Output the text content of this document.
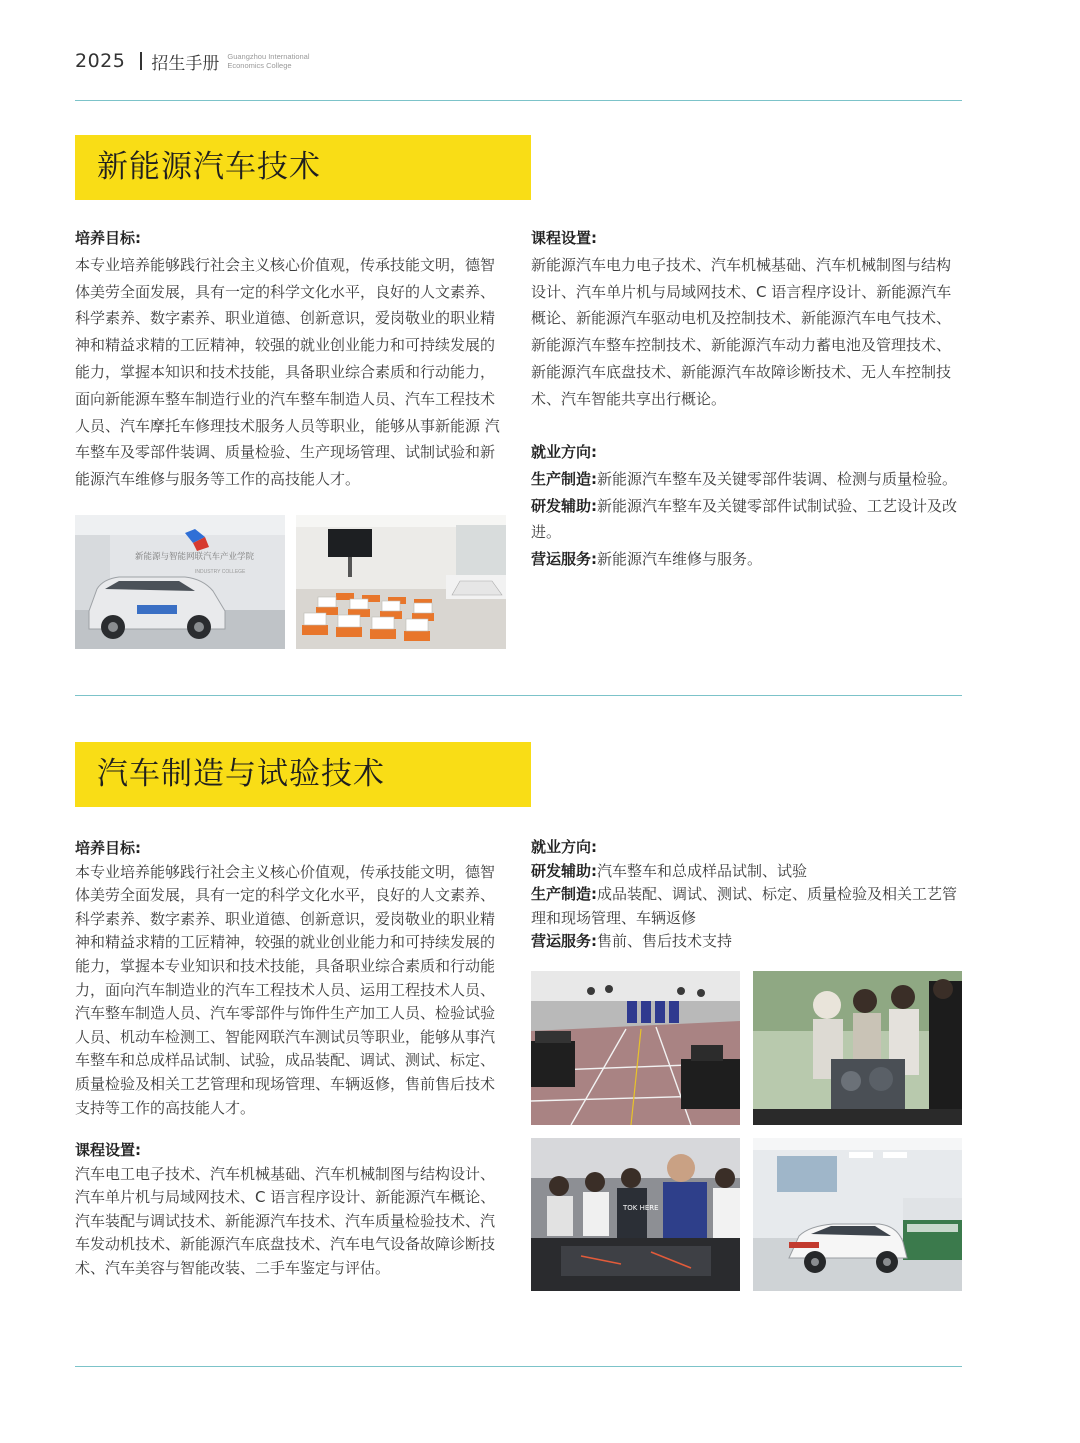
2025 招生手册 Guangzhou International
Economics College
新能源汽车技术
培养目标:
本专业培养能够践行社会主义核心价值观，传承技能文明，德智体美劳全面发展，具有一定的科学文化水平，良好的人文素养、科学素养、数字素养、职业道德、创新意识，爱岗敬业的职业精神和精益求精的工匠精神，较强的就业创业能力和可持续发展的能力，掌握本知识和技术技能，具备职业综合素质和行动能力，面向新能源车整车制造行业的汽车整车制造人员、汽车工程技术人员、汽车摩托车修理技术服务人员等职业，能够从事新能源 汽车整车及零部件装调、质量检验、生产现场管理、试制试验和新能源汽车维修与服务等工作的高技能人才。
课程设置:
新能源汽车电力电子技术、汽车机械基础、汽车机械制图与结构设计、汽车单片机与局域网技术、C 语言程序设计、新能源汽车概论、新能源汽车驱动电机及控制技术、新能源汽车电气技术、新能源汽车整车控制技术、新能源汽车动力蓄电池及管理技术、新能源汽车底盘技术、新能源汽车故障诊断技术、无人车控制技术、汽车智能共享出行概论。
就业方向:
生产制造:新能源汽车整车及关键零部件装调、检测与质量检验。
研发辅助:新能源汽车整车及关键零部件试制试验、工艺设计及改进。
营运服务:新能源汽车维修与服务。
新能源与智能网联汽车产业学院
INDUSTRY COLLEGE
汽车制造与试验技术
培养目标:
本专业培养能够践行社会主义核心价值观，传承技能文明，德智体美劳全面发展，具有一定的科学文化水平，良好的人文素养、科学素养、数字素养、职业道德、创新意识，爱岗敬业的职业精神和精益求精的工匠精神，较强的就业创业能力和可持续发展的能力，掌握本专业知识和技术技能，具备职业综合素质和行动能力，面向汽车制造业的汽车工程技术人员、运用工程技术人员、汽车整车制造人员、汽车零部件与饰件生产加工人员、检验试验人员、机动车检测工、智能网联汽车测试员等职业，能够从事汽车整车和总成样品试制、试验，成品装配、调试、测试、标定、质量检验及相关工艺管理和现场管理、车辆返修，售前售后技术支持等工作的高技能人才。
课程设置:
汽车电工电子技术、汽车机械基础、汽车机械制图与结构设计、汽车单片机与局域网技术、C 语言程序设计、新能源汽车概论、汽车装配与调试技术、新能源汽车技术、汽车质量检验技术、汽车发动机技术、新能源汽车底盘技术、汽车电气设备故障诊断技术、汽车美容与智能改装、二手车鉴定与评估。
就业方向:
研发辅助:汽车整车和总成样品试制、试验
生产制造:成品装配、调试、测试、标定、质量检验及相关工艺管理和现场管理、车辆返修
营运服务:售前、售后技术支持
TOK HERE
